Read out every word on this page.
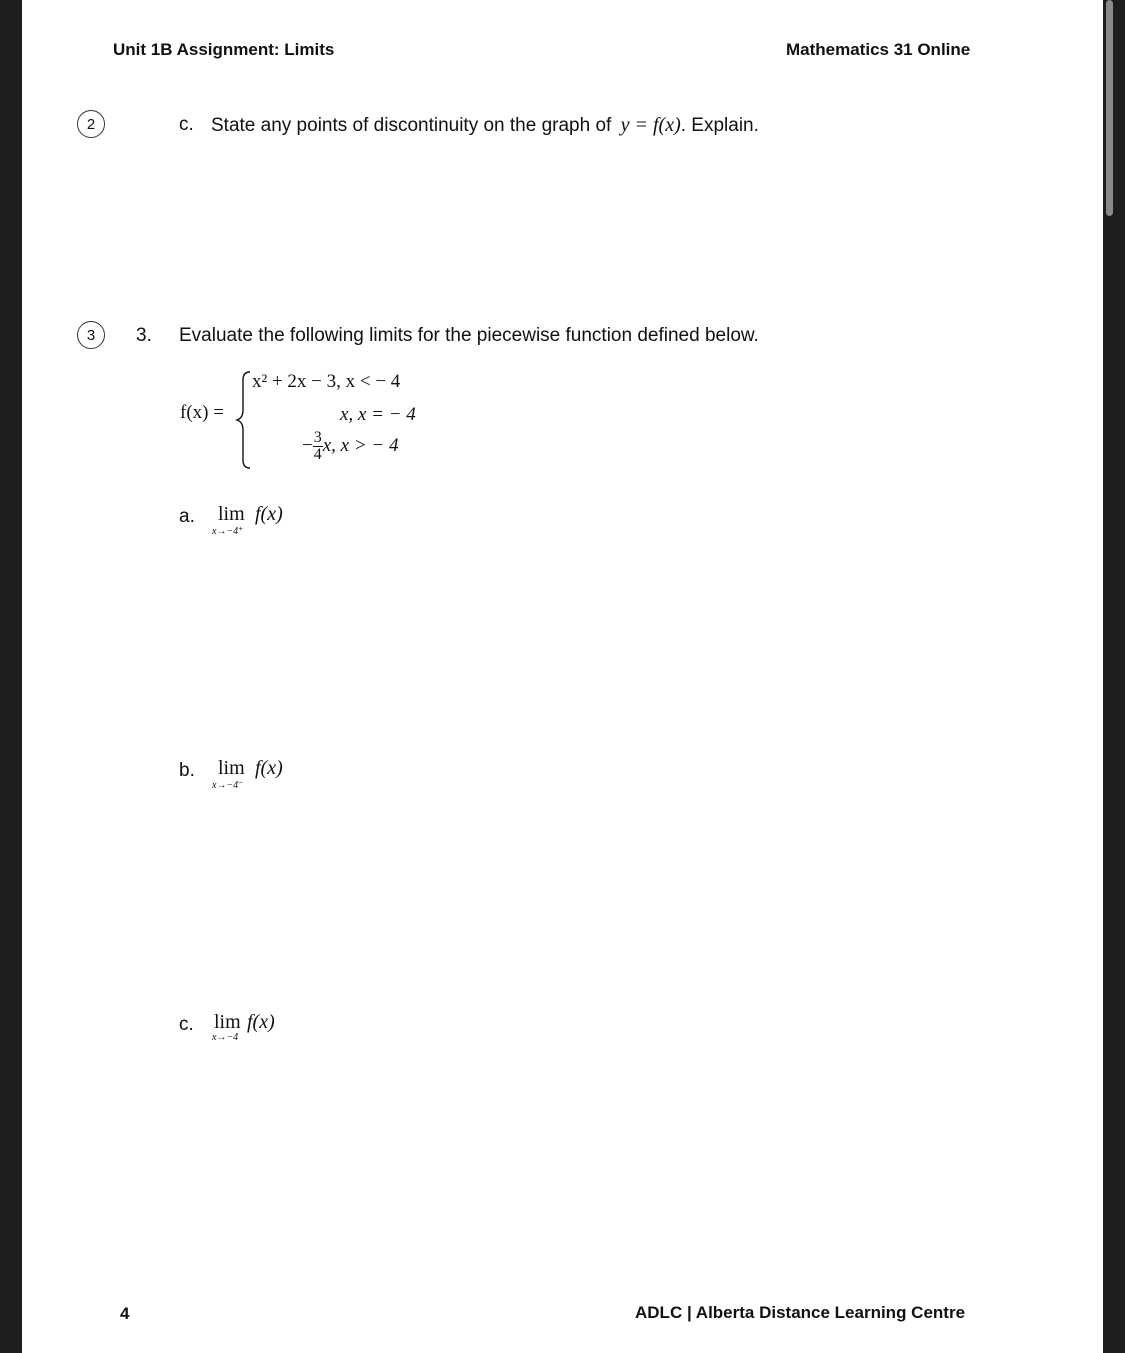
Unit 1B Assignment: Limits	Mathematics 31 Online
2	c. State any points of discontinuity on the graph of y = f(x). Explain.
3	3. Evaluate the following limits for the piecewise function defined below.
f(x) =
x² + 2x − 3, x < − 4
x, x = − 4
− $\frac{3}{4} x$, x > − 4
a. lim
x→−4⁺
f(x)
b. lim
x→−4⁻
f(x)
c. lim
x→−4
f(x)
4	ADLC | Alberta Distance Learning Centre
